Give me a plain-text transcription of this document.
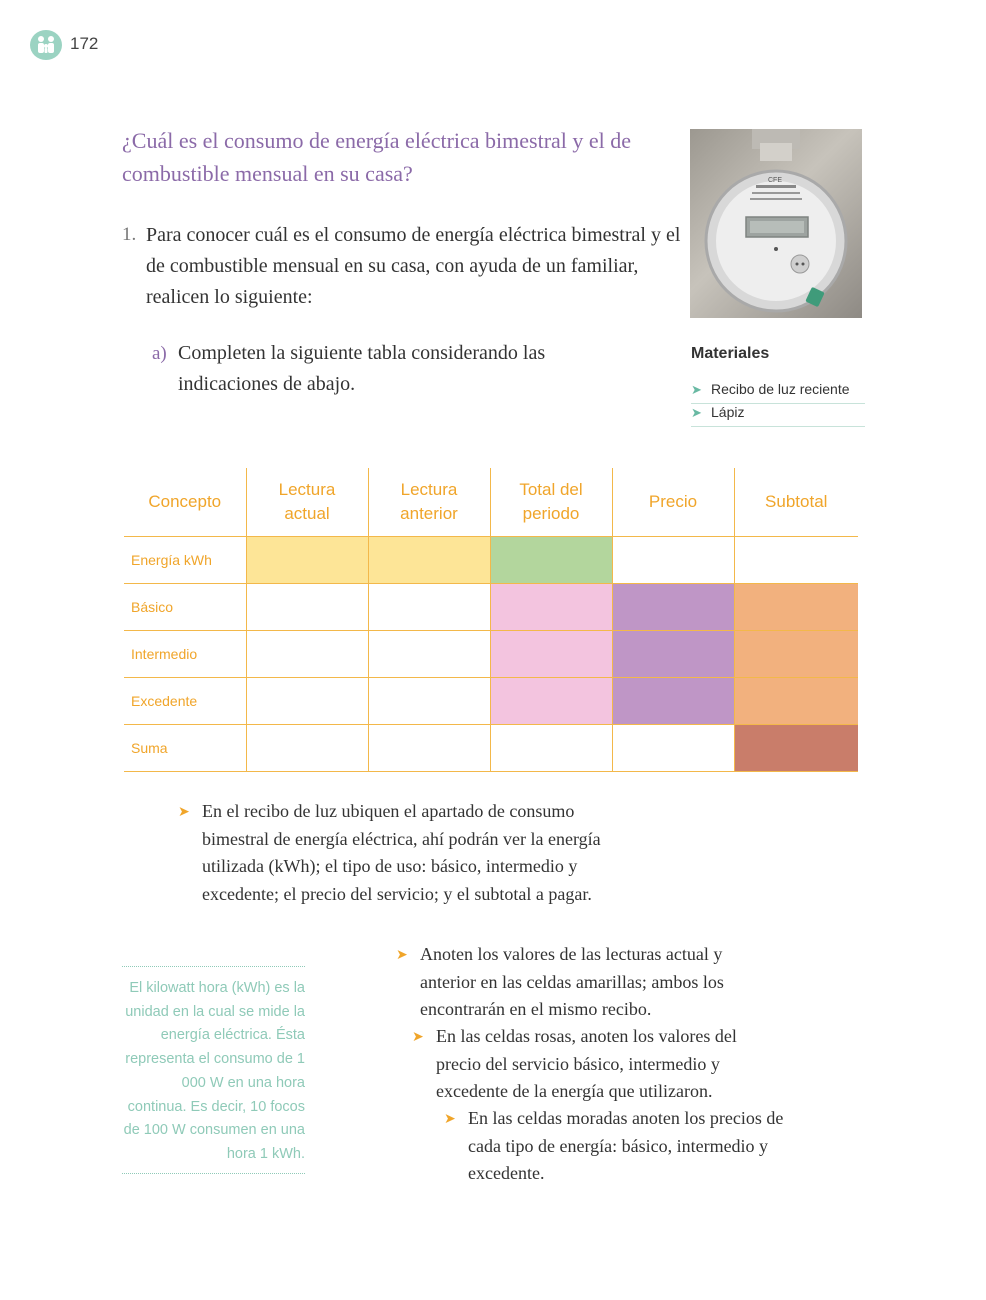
172
¿Cuál es el consumo de energía eléctrica bimestral y el de combustible mensual en su casa?	CFE
1. Para conocer cuál es el consumo de energía eléctrica bimestral y el de combustible mensual en su casa, con ayuda de un familiar, realicen lo siguiente:
a) Completen la siguiente tabla considerando las indicaciones de abajo.
Materiales
➤ Recibo de luz reciente
➤ Lápiz
Concepto	Lectura actual	Lectura anterior	Total del periodo	Precio	Subtotal
Energía kWh					
Básico					
Intermedio					
Excedente					
Suma					
➤ En el recibo de luz ubiquen el apartado de consumo bimestral de energía eléctrica, ahí podrán ver la energía utilizada (kWh); el tipo de uso: básico, intermedio y excedente; el precio del servicio; y el subtotal a pagar.
➤ Anoten los valores de las lecturas actual y anterior en las celdas amarillas; ambos los encontrarán en el mismo recibo.
➤ En las celdas rosas, anoten los valores del precio del servicio básico, intermedio y excedente de la energía que utilizaron.
➤ En las celdas moradas anoten los precios de cada tipo de energía: básico, intermedio y excedente.
El kilowatt hora (kWh) es la unidad en la cual se mide la energía eléctrica. Ésta representa el consumo de 1 000 W en una hora continua. Es decir, 10 focos de 100 W consumen en una hora 1 kWh.
